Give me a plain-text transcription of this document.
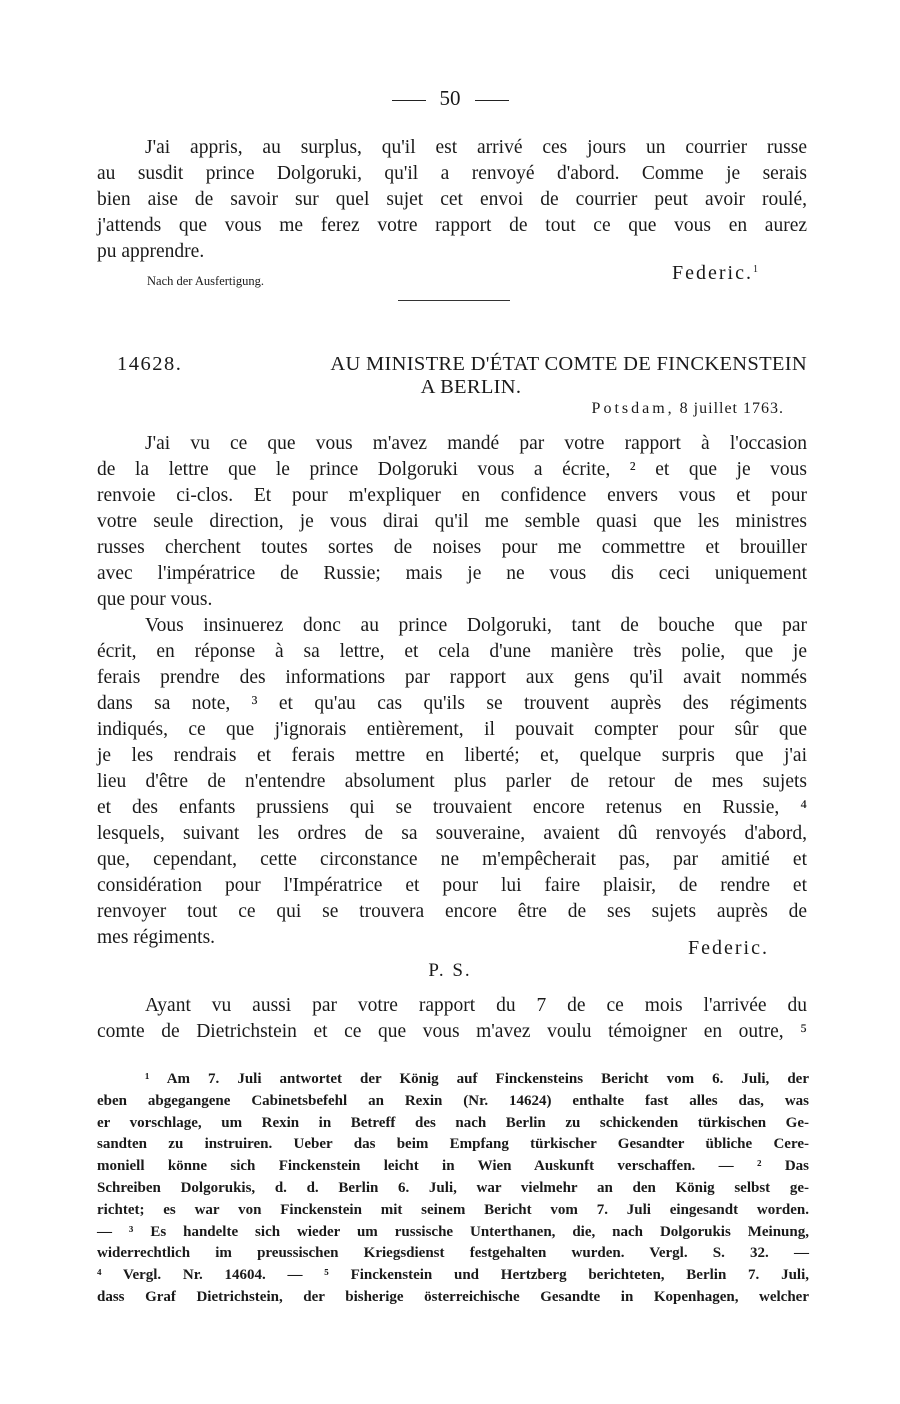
50
J'ai appris, au surplus, qu'il est arrivé ces jours un courrier russe
au susdit prince Dolgoruki, qu'il a renvoyé d'abord. Comme je serais
bien aise de savoir sur quel sujet cet envoi de courrier peut avoir roulé,
j'attends que vous me ferez votre rapport de tout ce que vous en aurez
pu apprendre.
Nach der Ausfertigung.	Federic.$^1$
14628.	AU MINISTRE D'ÉTAT COMTE DE FINCKENSTEIN
A BERLIN.
Potsdam, 8 juillet 1763.
J'ai vu ce que vous m'avez mandé par votre rapport à l'occasion
de la lettre que le prince Dolgoruki vous a écrite, ² et que je vous
renvoie ci-clos. Et pour m'expliquer en confidence envers vous et pour
votre seule direction, je vous dirai qu'il me semble quasi que les ministres
russes cherchent toutes sortes de noises pour me commettre et brouiller
avec l'impératrice de Russie; mais je ne vous dis ceci uniquement
que pour vous.
Vous insinuerez donc au prince Dolgoruki, tant de bouche que par
écrit, en réponse à sa lettre, et cela d'une manière très polie, que je
ferais prendre des informations par rapport aux gens qu'il avait nommés
dans sa note, ³ et qu'au cas qu'ils se trouvent auprès des régiments
indiqués, ce que j'ignorais entièrement, il pouvait compter pour sûr que
je les rendrais et ferais mettre en liberté; et, quelque surpris que j'ai
lieu d'être de n'entendre absolument plus parler de retour de mes sujets
et des enfants prussiens qui se trouvaient encore retenus en Russie, ⁴
lesquels, suivant les ordres de sa souveraine, avaient dû renvoyés d'abord,
que, cependant, cette circonstance ne m'empêcherait pas, par amitié et
considération pour l'Impératrice et pour lui faire plaisir, de rendre et
renvoyer tout ce qui se trouvera encore être de ses sujets auprès de
mes régiments.	Federic.
P. S.
Ayant vu aussi par votre rapport du 7 de ce mois l'arrivée du
comte de Dietrichstein et ce que vous m'avez voulu témoigner en outre, ⁵
¹ Am 7. Juli antwortet der König auf Finckensteins Bericht vom 6. Juli, der
eben abgegangene Cabinetsbefehl an Rexin (Nr. 14624) enthalte fast alles das, was
er vorschlage, um Rexin in Betreff des nach Berlin zu schickenden türkischen Ge-
sandten zu instruiren. Ueber das beim Empfang türkischer Gesandter übliche Cere-
moniell könne sich Finckenstein leicht in Wien Auskunft verschaffen. — ² Das
Schreiben Dolgorukis, d. d. Berlin 6. Juli, war vielmehr an den König selbst ge-
richtet; es war von Finckenstein mit seinem Bericht vom 7. Juli eingesandt worden.
— ³ Es handelte sich wieder um russische Unterthanen, die, nach Dolgorukis Meinung,
widerrechtlich im preussischen Kriegsdienst festgehalten wurden. Vergl. S. 32. —
⁴ Vergl. Nr. 14604. — ⁵ Finckenstein und Hertzberg berichteten, Berlin 7. Juli,
dass Graf Dietrichstein, der bisherige österreichische Gesandte in Kopenhagen, welcher
